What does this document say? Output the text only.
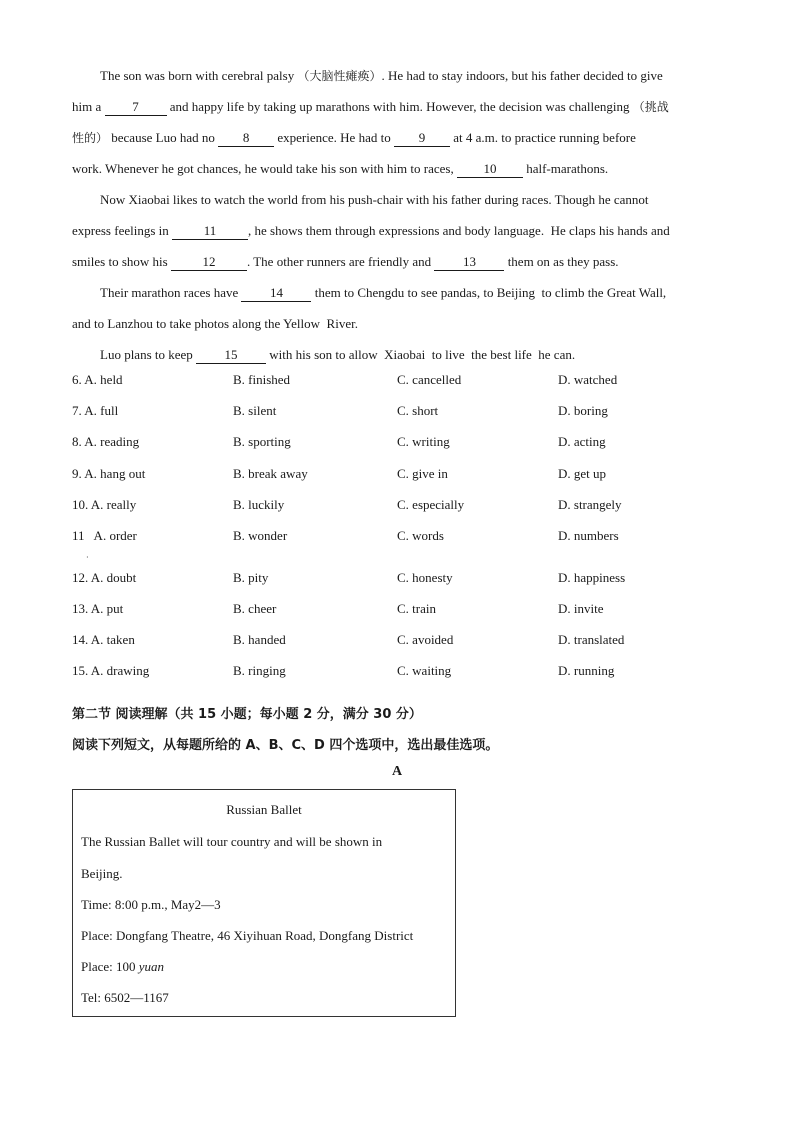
The son was born with cerebral palsy （大脑性瘫痪）. He had to stay indoors, but his father decided to give
him a 7 and happy life by taking up marathons with him. However, the decision was challenging （挑战
性的） because Luo had no 8 experience. He had to 9 at 4 a.m. to practice running before
work. Whenever he got chances, he would take his son with him to races, 10 half-marathons.
Now Xiaobai likes to watch the world from his push-chair with his father during races. Though he cannot
express feelings in 11 , he shows them through expressions and body language.  He claps his hands and
smiles to show his 12 . The other runners are friendly and 13 them on as they pass.
Their marathon races have 14 them to Chengdu to see pandas, to Beijing  to climb the Great Wall,
and to Lanzhou to take photos along the Yellow  River.
Luo plans to keep 15 with his son to allow  Xiaobai  to live  the best life  he can.
6. A. held	B. finished	C. cancelled	D. watched
7. A. full	B. silent	C. short	D. boring
8. A. reading	B. sporting	C. writing	D. acting
9. A. hang out	B. break away	C. give in	D. get up
10. A. really	B. luckily	C. especially	D. strangely
11   A. order	B. wonder	C. words	D. numbers
12. A. doubt	B. pity	C. honesty	D. happiness
13. A. put	B. cheer	C. train	D. invite
14. A. taken	B. handed	C. avoided	D. translated
15. A. drawing	B. ringing	C. waiting	D. running
·
第二节 阅读理解（共 15 小题；每小题 2 分，满分 30 分）
阅读下列短文，从每题所给的 A、B、C、D 四个选项中，选出最佳选项。
A
Russian Ballet
The Russian Ballet will tour country and will be shown in
Beijing.
Time: 8:00 p.m., May2—3
Place: Dongfang Theatre, 46 Xiyihuan Road, Dongfang District
Place: 100 yuan
Tel: 6502—1167
